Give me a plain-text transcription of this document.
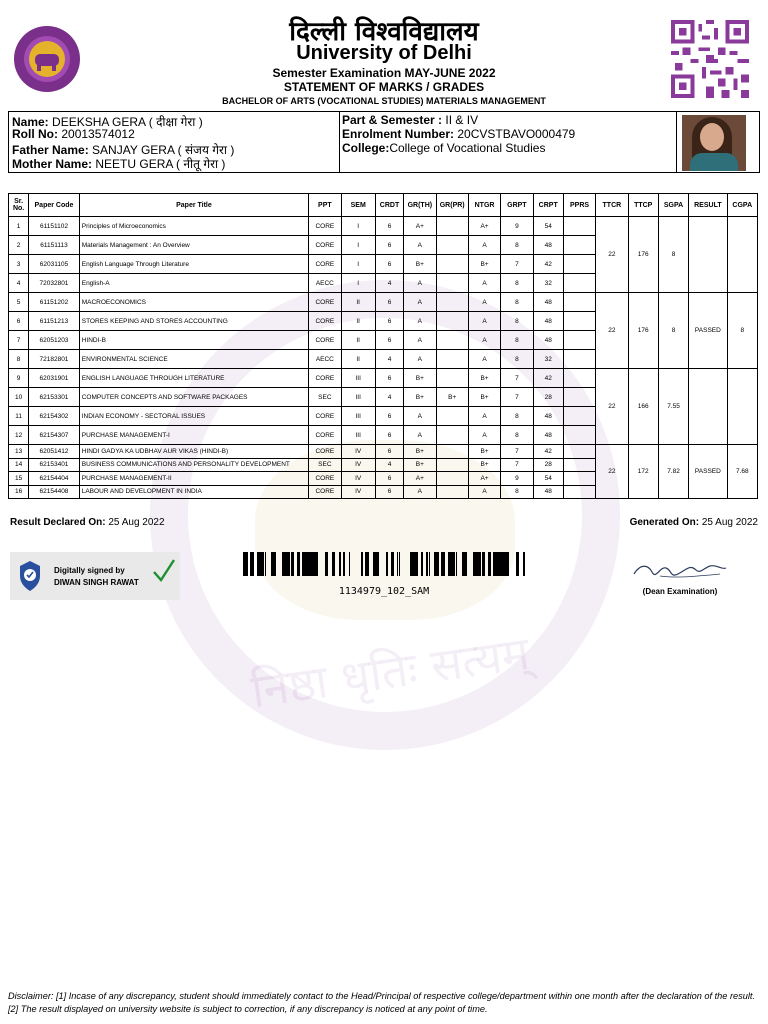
निष्ठा धृतिः सत्यम्
दिल्ली विश्वविद्यालय
University of Delhi
Semester Examination MAY-JUNE 2022
STATEMENT OF MARKS / GRADES
BACHELOR OF ARTS (VOCATIONAL STUDIES) MATERIALS MANAGEMENT
Name: DEEKSHA GERA ( दीक्षा गेरा )
Roll No: 20013574012
Father Name: SANJAY GERA ( संजय गेरा )
Mother Name: NEETU GERA ( नीतू गेरा )
Part & Semester : II & IV
Enrolment Number: 20CVSTBAVO000479
College:College of Vocational Studies
Sr. No.	Paper Code	Paper Title	PPT	SEM	CRDT	GR(TH)	GR(PR)	NTGR	GRPT	CRPT	PPRS	TTCR	TTCP	SGPA	RESULT	CGPA
1	61151102	Principles of Microeconomics	CORE	I	6	A+		A+	9	54		22	176	8		
2	61151113	Materials Management : An Overview	CORE	I	6	A		A	8	48						
3	62031105	English Language Through Literature	CORE	I	6	B+		B+	7	42						
4	72032801	English-A	AECC	I	4	A		A	8	32						
5	61151202	MACROECONOMICS	CORE	II	6	A		A	8	48		22	176	8	PASSED	8
6	61151213	STORES KEEPING AND STORES ACCOUNTING	CORE	II	6	A		A	8	48						
7	62051203	HINDI-B	CORE	II	6	A		A	8	48						
8	72182801	ENVIRONMENTAL SCIENCE	AECC	II	4	A		A	8	32						
9	62031901	ENGLISH LANGUAGE THROUGH LITERATURE	CORE	III	6	B+		B+	7	42		22	166	7.55		
10	62153301	COMPUTER CONCEPTS AND SOFTWARE PACKAGES	SEC	III	4	B+	B+	B+	7	28						
11	62154302	INDIAN ECONOMY - SECTORAL ISSUES	CORE	III	6	A		A	8	48						
12	62154307	PURCHASE MANAGEMENT-I	CORE	III	6	A		A	8	48						
13	62051412	HINDI GADYA KA UDBHAV AUR VIKAS (HINDI-B)	CORE	IV	6	B+		B+	7	42		22	172	7.82	PASSED	7.68
14	62153401	BUSINESS COMMUNICATIONS AND PERSONALITY DEVELOPMENT	SEC	IV	4	B+		B+	7	28						
15	62154404	PURCHASE MANAGEMENT-II	CORE	IV	6	A+		A+	9	54						
16	62154408	LABOUR AND DEVELOPMENT IN INDIA	CORE	IV	6	A		A	8	48						
Result Declared On: 25 Aug 2022	Generated On: 25 Aug 2022
Digitally signed by
DIWAN SINGH RAWAT
1134979_102_SAM	(Dean Examination)
Disclaimer: [1] Incase of any discrepancy, student should immediately contact to the Head/Principal of respective college/department within one month after the declaration of the result. [2] The result displayed on university website is subject to correction, if any discrepancy is noticed at any point of time.
